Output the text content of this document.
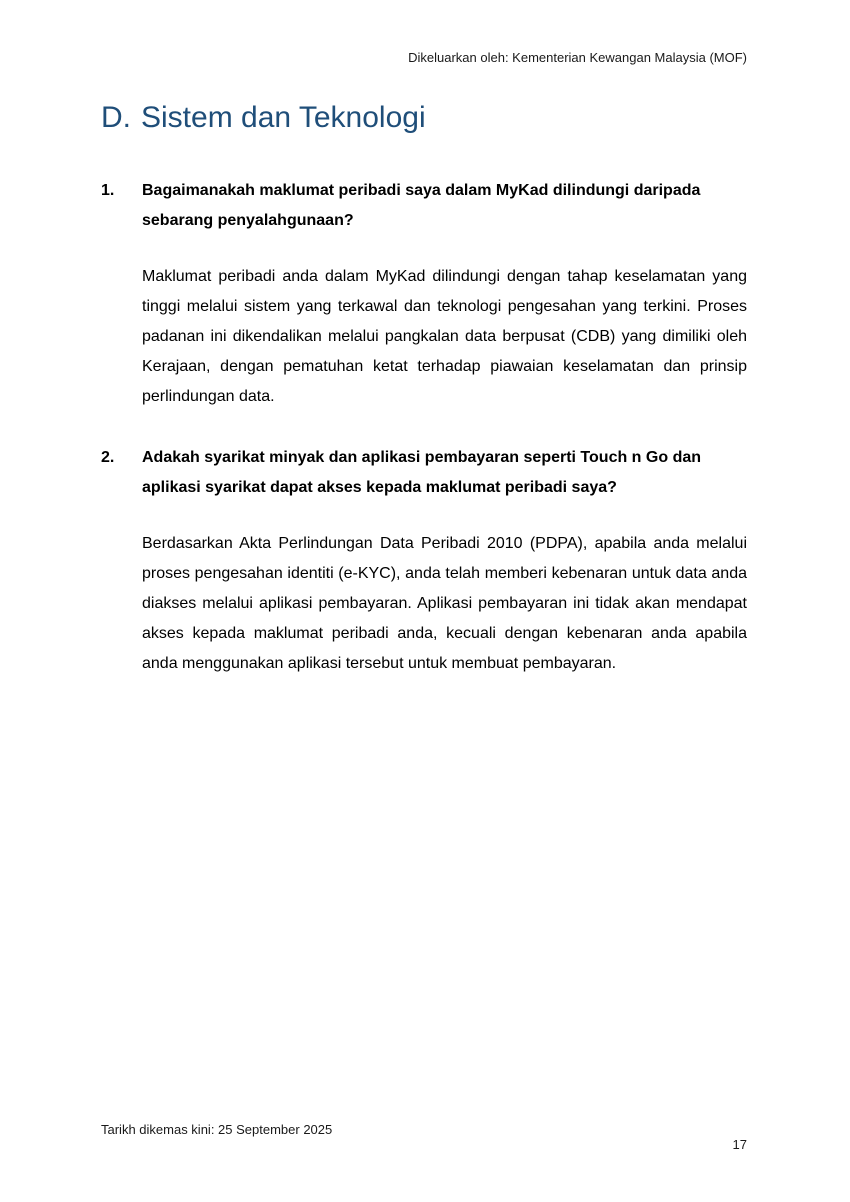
Dikeluarkan oleh: Kementerian Kewangan Malaysia (MOF)
D. Sistem dan Teknologi
1.	Bagaimanakah maklumat peribadi saya dalam MyKad dilindungi daripada sebarang penyalahgunaan?

Maklumat peribadi anda dalam MyKad dilindungi dengan tahap keselamatan yang tinggi melalui sistem yang terkawal dan teknologi pengesahan yang terkini. Proses padanan ini dikendalikan melalui pangkalan data berpusat (CDB) yang dimiliki oleh Kerajaan, dengan pematuhan ketat terhadap piawaian keselamatan dan prinsip perlindungan data.

2.	Adakah syarikat minyak dan aplikasi pembayaran seperti Touch n Go dan aplikasi syarikat dapat akses kepada maklumat peribadi saya?

Berdasarkan Akta Perlindungan Data Peribadi 2010 (PDPA), apabila anda melalui proses pengesahan identiti (e-KYC), anda telah memberi kebenaran untuk data anda diakses melalui aplikasi pembayaran. Aplikasi pembayaran ini tidak akan mendapat akses kepada maklumat peribadi anda, kecuali dengan kebenaran anda apabila anda menggunakan aplikasi tersebut untuk membuat pembayaran.

Tarikh dikemas kini: 25 September 2025
17
